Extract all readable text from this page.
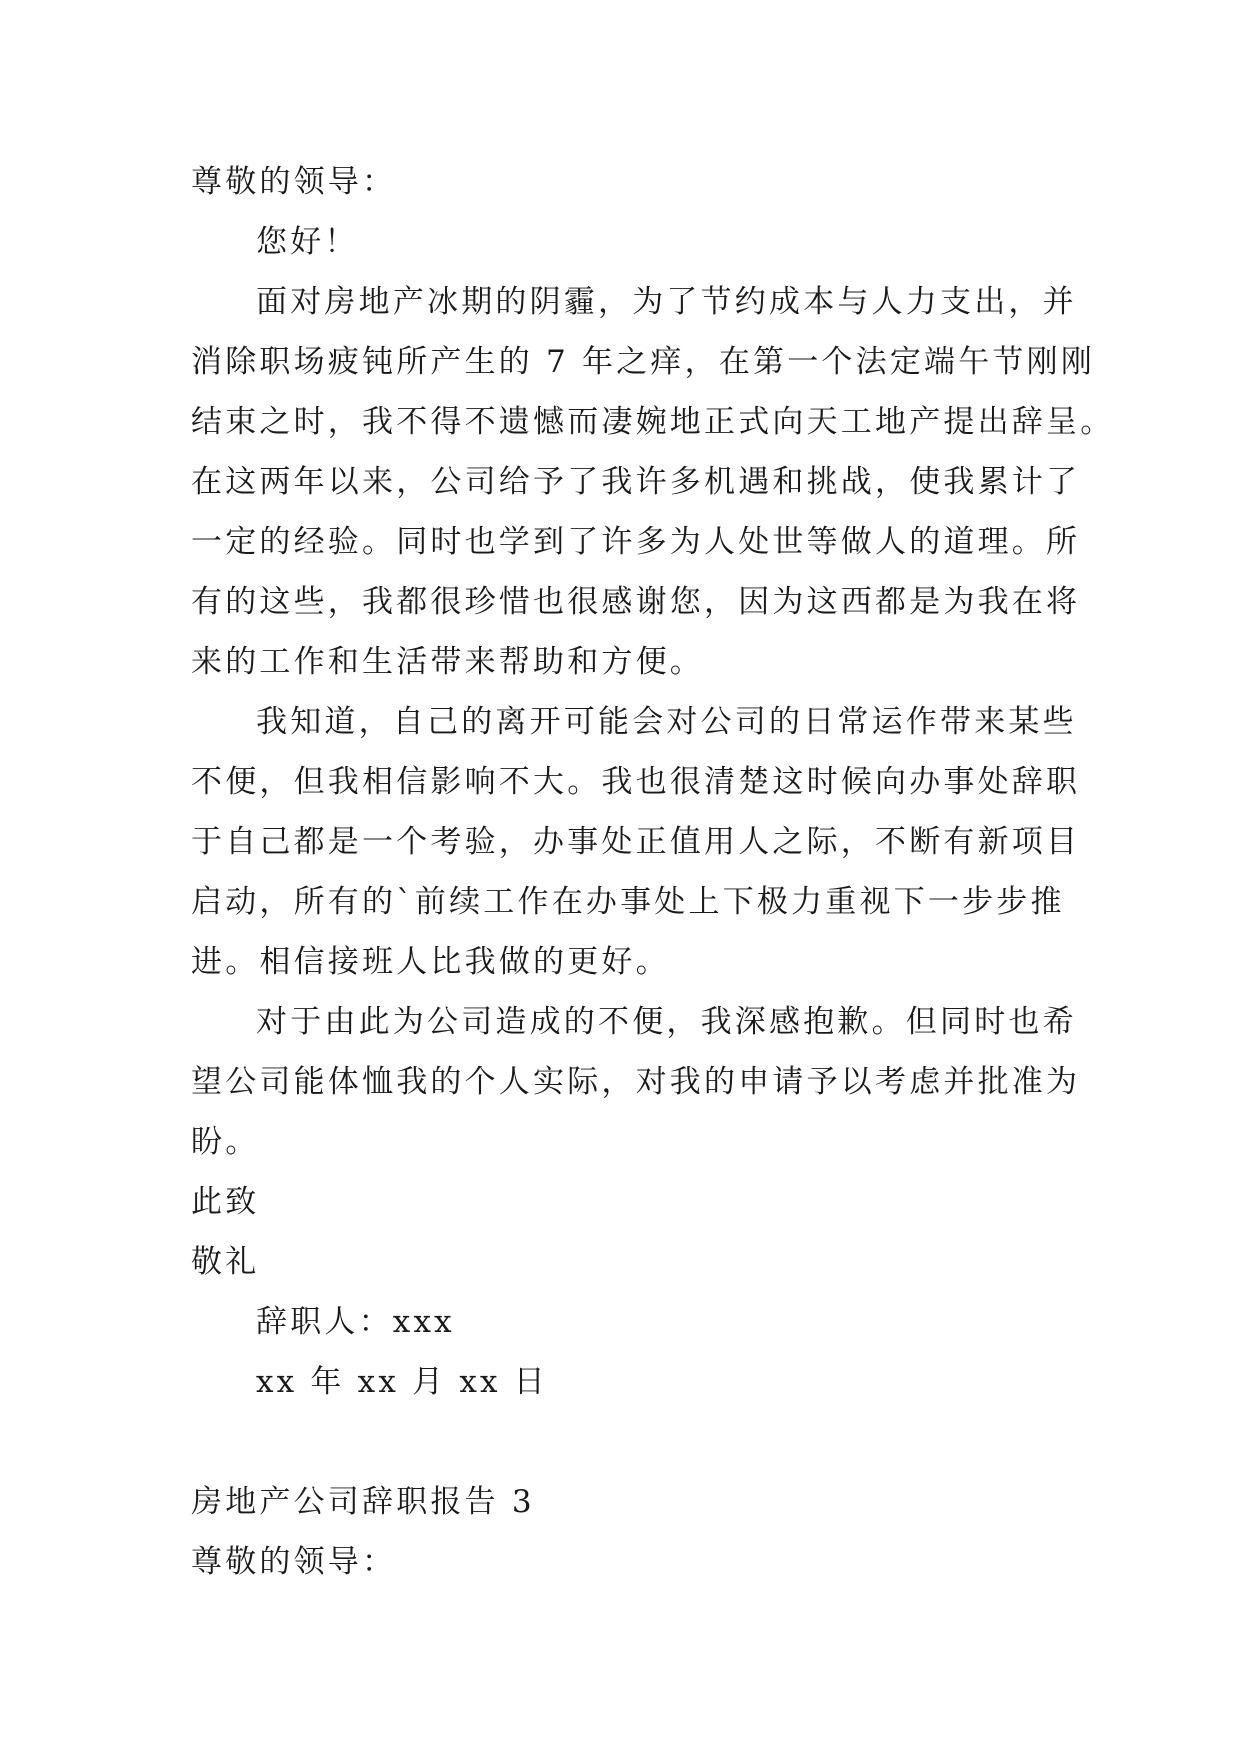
尊敬的领导：
您好！
面对房地产冰期的阴霾，为了节约成本与人力支出，并
消除职场疲钝所产生的 7 年之痒，在第一个法定端午节刚刚
结束之时，我不得不遗憾而凄婉地正式向天工地产提出辞呈。
在这两年以来，公司给予了我许多机遇和挑战，使我累计了
一定的经验。同时也学到了许多为人处世等做人的道理。所
有的这些，我都很珍惜也很感谢您，因为这西都是为我在将
来的工作和生活带来帮助和方便。
我知道，自己的离开可能会对公司的日常运作带来某些
不便，但我相信影响不大。我也很清楚这时候向办事处辞职
于自己都是一个考验，办事处正值用人之际，不断有新项目
启动，所有的`前续工作在办事处上下极力重视下一步步推
进。相信接班人比我做的更好。
对于由此为公司造成的不便，我深感抱歉。但同时也希
望公司能体恤我的个人实际，对我的申请予以考虑并批准为
盼。
此致
敬礼
辞职人：xxx
xx 年 xx 月 xx 日
房地产公司辞职报告 3
尊敬的领导：
